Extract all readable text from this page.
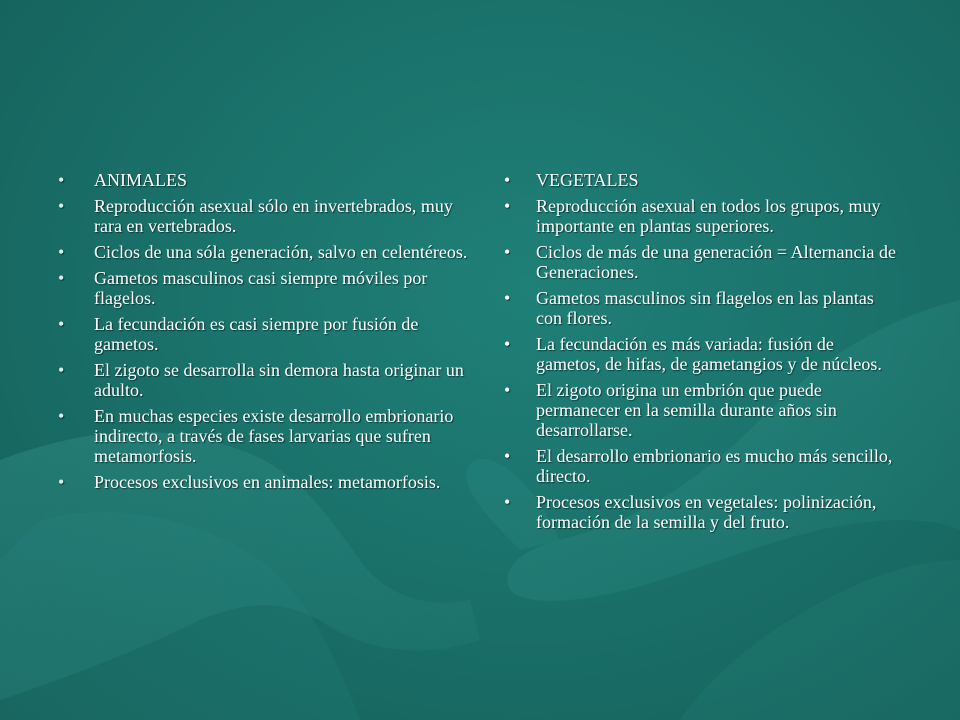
• ANIMALES
• Reproducción asexual sólo en invertebrados, muy rara en vertebrados.
• Ciclos de una sóla generación, salvo en celentéreos.
• Gametos masculinos casi siempre móviles por flagelos.
• La fecundación es casi siempre por fusión de gametos.
• El zigoto se desarrolla sin demora hasta originar un adulto.
• En muchas especies existe desarrollo embrionario indirecto, a través de fases larvarias que sufren metamorfosis.
• Procesos exclusivos en animales: metamorfosis.
• VEGETALES
• Reproducción asexual en todos los grupos, muy importante en plantas superiores.
• Ciclos de más de una generación = Alternancia de Generaciones.
• Gametos masculinos sin flagelos en las plantas con flores.
• La fecundación es más variada: fusión de gametos, de hifas, de gametangios y de núcleos.
• El zigoto origina un embrión que puede permanecer en la semilla durante años sin desarrollarse.
• El desarrollo embrionario es mucho más sencillo, directo.
• Procesos exclusivos en vegetales: polinización, formación de la semilla y del fruto.
